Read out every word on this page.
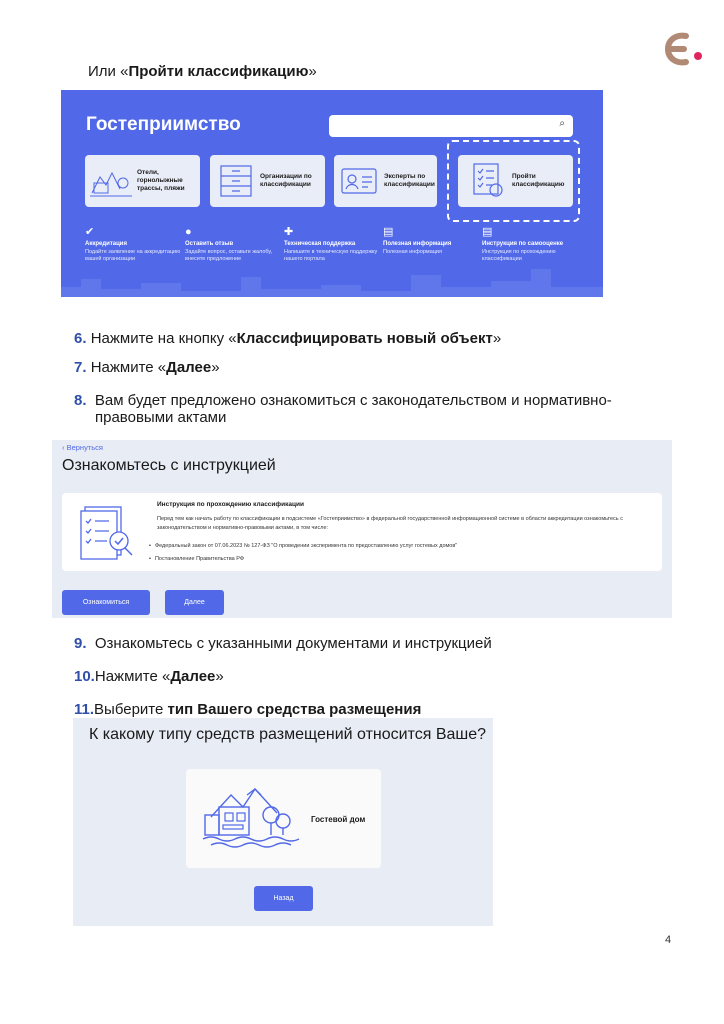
Или «Пройти классификацию»
Гостеприимство	⌕
Отели, горнолыжные трассы, пляжи
Организации по классификации
Эксперты по классификации
Пройти классификацию
✔
Аккредитация
Подайте заявление на аккредитацию вашей организации
●
Оставить отзыв
Задайте вопрос, оставьте жалобу, внесите предложение
✚
Техническая поддержка
Напишите в техническую поддержку нашего портала
▤
Полезная информация
Полезная информация
▤
Инструкция по самооценке
Инструкция по прохождению классификации
6. Нажмите на кнопку «Классифицировать новый объект»
7. Нажмите «Далее»
8. Вам будет предложено ознакомиться с законодательством и нормативно-
правовыми актами
‹ Вернуться
Ознакомьтесь с инструкцией
Инструкция по прохождению классификации
Перед тем как начать работу по классификации в подсистеме «Гостеприимство» в федеральной государственной информационной системе в области аккредитации ознакомьтесь с законодательством и нормативно-правовыми актами, в том числе:
• Федеральный закон от 07.06.2023 № 127-ФЗ "О проведении эксперимента по предоставлению услуг гостевых домов"
• Постановление Правительства РФ
Ознакомиться	Далее
9. Ознакомьтесь с указанными документами и инструкцией
10.Нажмите «Далее»
11.Выберите тип Вашего средства размещения
К какому типу средств размещений относится Ваше?
Гостевой дом
Назад
4
